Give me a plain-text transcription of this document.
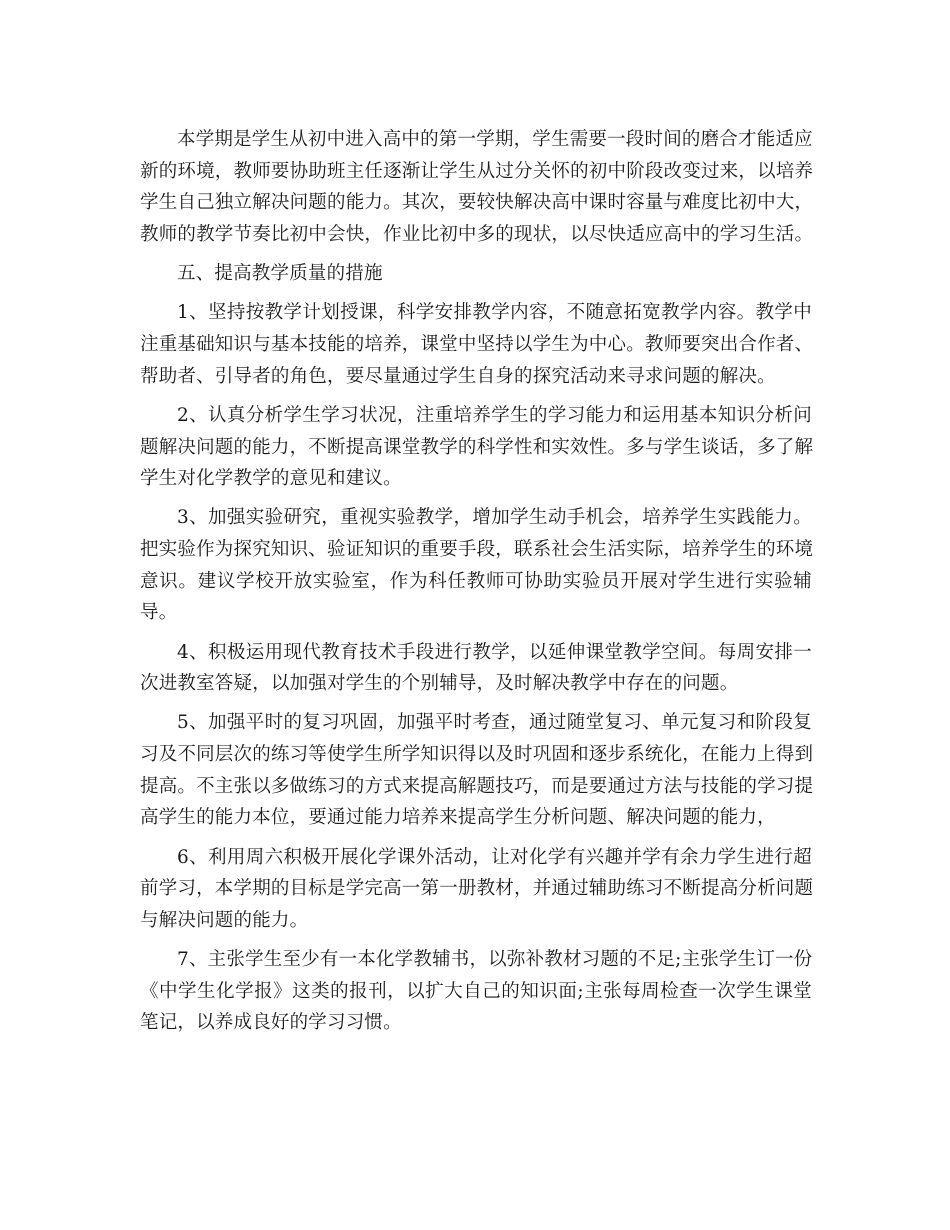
本学期是学生从初中进入高中的第一学期，学生需要一段时间的磨合才能适应
新的环境，教师要协助班主任逐渐让学生从过分关怀的初中阶段改变过来，以培养
学生自己独立解决问题的能力。其次，要较快解决高中课时容量与难度比初中大，
教师的教学节奏比初中会快，作业比初中多的现状，以尽快适应高中的学习生活。
五、提高教学质量的措施
1、坚持按教学计划授课，科学安排教学内容，不随意拓宽教学内容。教学中
注重基础知识与基本技能的培养，课堂中坚持以学生为中心。教师要突出合作者、
帮助者、引导者的角色，要尽量通过学生自身的探究活动来寻求问题的解决。
2、认真分析学生学习状况，注重培养学生的学习能力和运用基本知识分析问
题解决问题的能力，不断提高课堂教学的科学性和实效性。多与学生谈话，多了解
学生对化学教学的意见和建议。
3、加强实验研究，重视实验教学，增加学生动手机会，培养学生实践能力。
把实验作为探究知识、验证知识的重要手段，联系社会生活实际，培养学生的环境
意识。建议学校开放实验室，作为科任教师可协助实验员开展对学生进行实验辅
导。
4、积极运用现代教育技术手段进行教学，以延伸课堂教学空间。每周安排一
次进教室答疑，以加强对学生的个别辅导，及时解决教学中存在的问题。
5、加强平时的复习巩固，加强平时考查，通过随堂复习、单元复习和阶段复
习及不同层次的练习等使学生所学知识得以及时巩固和逐步系统化，在能力上得到
提高。不主张以多做练习的方式来提高解题技巧，而是要通过方法与技能的学习提
高学生的能力本位，要通过能力培养来提高学生分析问题、解决问题的能力，
6、利用周六积极开展化学课外活动，让对化学有兴趣并学有余力学生进行超
前学习，本学期的目标是学完高一第一册教材，并通过辅助练习不断提高分析问题
与解决问题的能力。
7、主张学生至少有一本化学教辅书，以弥补教材习题的不足;主张学生订一份
《中学生化学报》这类的报刊，以扩大自己的知识面;主张每周检查一次学生课堂
笔记，以养成良好的学习习惯。
